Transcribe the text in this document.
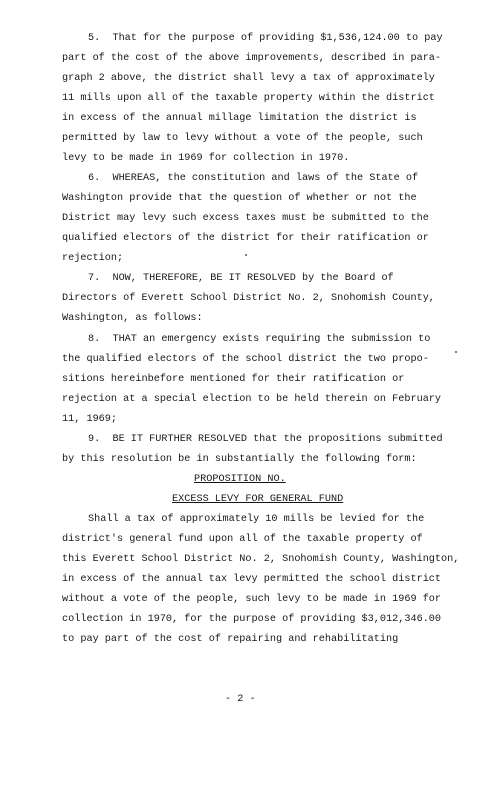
5.  That for the purpose of providing $1,536,124.00 to pay
part of the cost of the above improvements, described in para-
graph 2 above, the district shall levy a tax of approximately
11 mills upon all of the taxable property within the district
in excess of the annual millage limitation the district is
permitted by law to levy without a vote of the people, such
levy to be made in 1969 for collection in 1970.
6.  WHEREAS, the constitution and laws of the State of
Washington provide that the question of whether or not the
District may levy such excess taxes must be submitted to the
qualified electors of the district for their ratification or
rejection;
7.  NOW, THEREFORE, BE IT RESOLVED by the Board of
Directors of Everett School District No. 2, Snohomish County,
Washington, as follows:
8.  THAT an emergency exists requiring the submission to
the qualified electors of the school district the two propo-
sitions hereinbefore mentioned for their ratification or
rejection at a special election to be held therein on February
11, 1969;
9.  BE IT FURTHER RESOLVED that the propositions submitted
by this resolution be in substantially the following form:
PROPOSITION NO.
EXCESS LEVY FOR GENERAL FUND
Shall a tax of approximately 10 mills be levied for the
district's general fund upon all of the taxable property of
this Everett School District No. 2, Snohomish County, Washington,
in excess of the annual tax levy permitted the school district
without a vote of the people, such levy to be made in 1969 for
collection in 1970, for the purpose of providing $3,012,346.00
to pay part of the cost of repairing and rehabilitating
- 2 -
